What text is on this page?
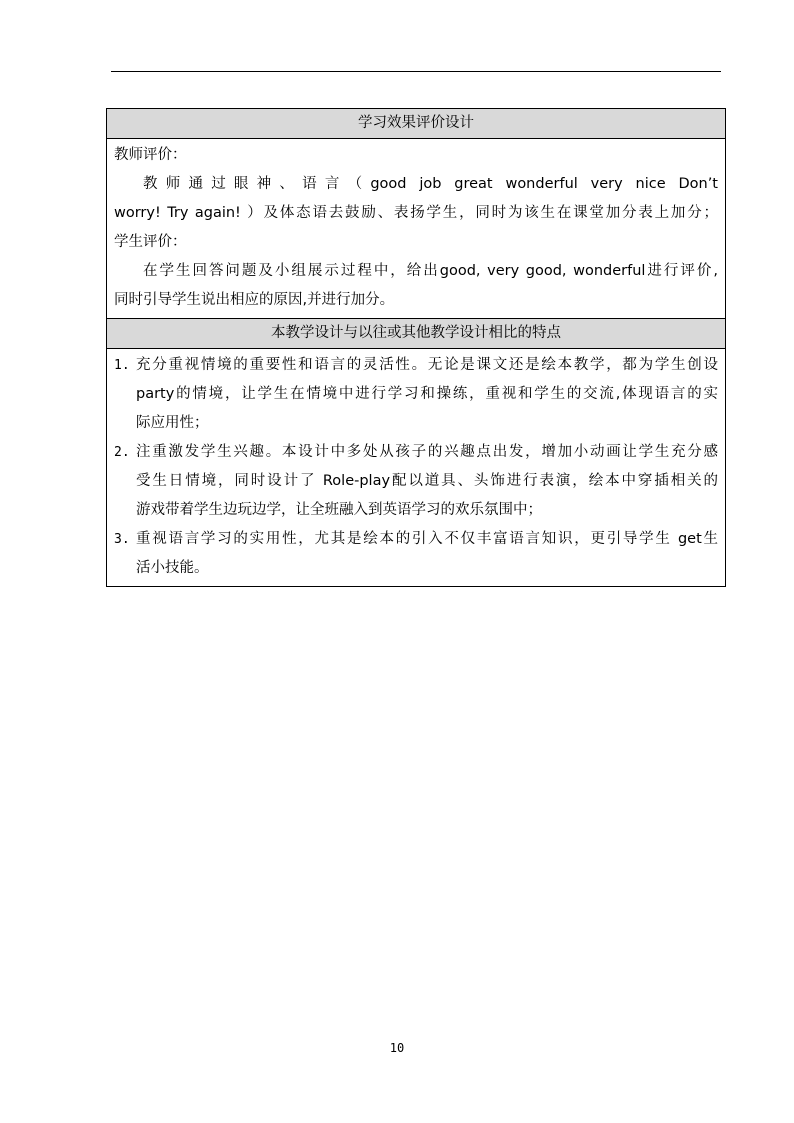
学习效果评价设计
教师评价：
教师通过眼神、语言（good job great wonderful very nice Don’t
worry! Try again! ）及体态语去鼓励、表扬学生，同时为该生在课堂加分表上加分；
学生评价：
在学生回答问题及小组展示过程中，给出good, very good, wonderful进行评价,
同时引导学生说出相应的原因,并进行加分。
本教学设计与以往或其他教学设计相比的特点
1. 充分重视情境的重要性和语言的灵活性。无论是课文还是绘本教学，都为学生创设
party的情境，让学生在情境中进行学习和操练，重视和学生的交流,体现语言的实
际应用性；
2. 注重激发学生兴趣。本设计中多处从孩子的兴趣点出发，增加小动画让学生充分感
受生日情境，同时设计了 Role-play配以道具、头饰进行表演，绘本中穿插相关的
游戏带着学生边玩边学，让全班融入到英语学习的欢乐氛围中；
3. 重视语言学习的实用性，尤其是绘本的引入不仅丰富语言知识，更引导学生 get生
活小技能。
10
